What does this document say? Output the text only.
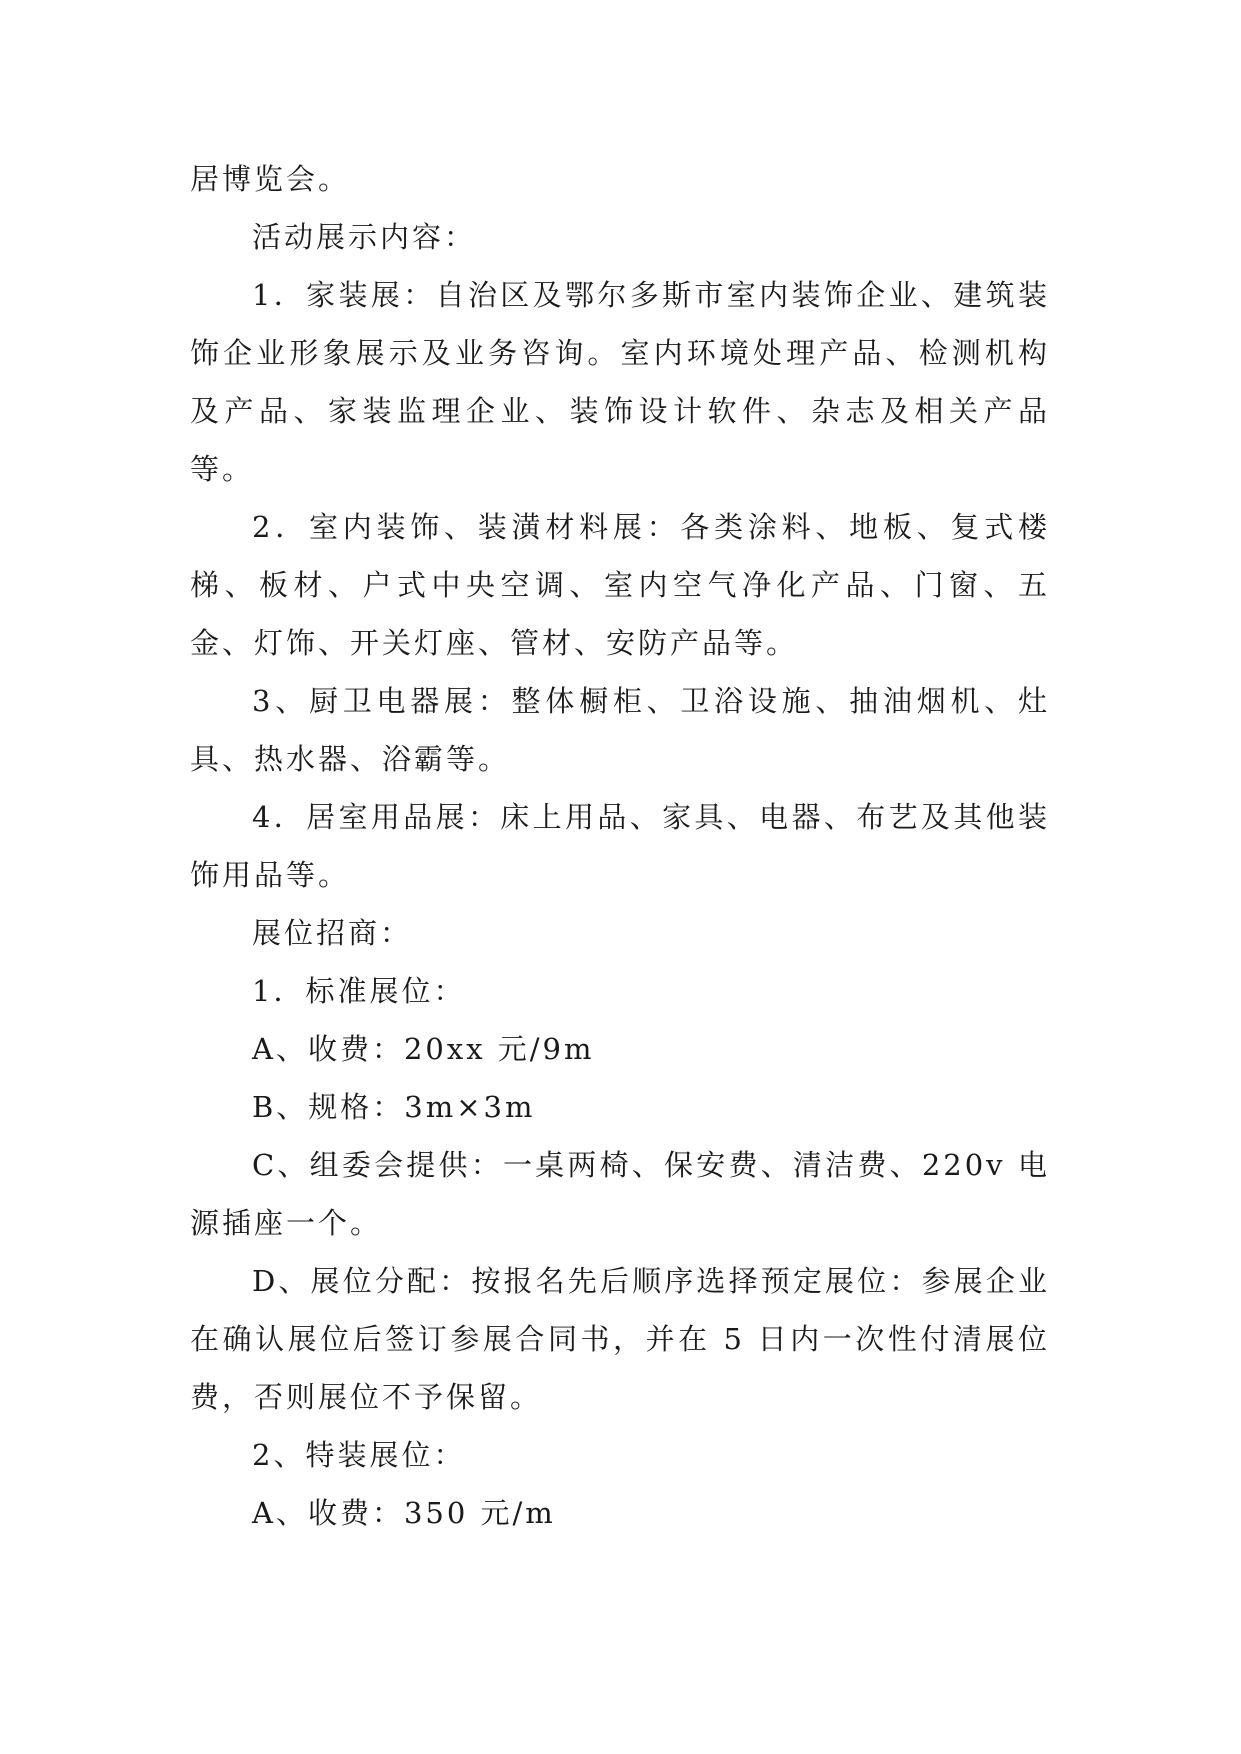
居博览会。

活动展示内容：

1．家装展：自治区及鄂尔多斯市室内装饰企业、建筑装饰企业形象展示及业务咨询。室内环境处理产品、检测机构及产品、家装监理企业、装饰设计软件、杂志及相关产品等。

2．室内装饰、装潢材料展：各类涂料、地板、复式楼梯、板材、户式中央空调、室内空气净化产品、门窗、五金、灯饰、开关灯座、管材、安防产品等。

3、厨卫电器展：整体橱柜、卫浴设施、抽油烟机、灶具、热水器、浴霸等。

4．居室用品展：床上用品、家具、电器、布艺及其他装饰用品等。

展位招商：

1．标准展位：

A、收费：20xx 元/9m

B、规格：3m×3m

C、组委会提供：一桌两椅、保安费、清洁费、220v 电源插座一个。

D、展位分配：按报名先后顺序选择预定展位：参展企业在确认展位后签订参展合同书，并在 5 日内一次性付清展位费，否则展位不予保留。

2、特装展位：

A、收费：350 元/m
